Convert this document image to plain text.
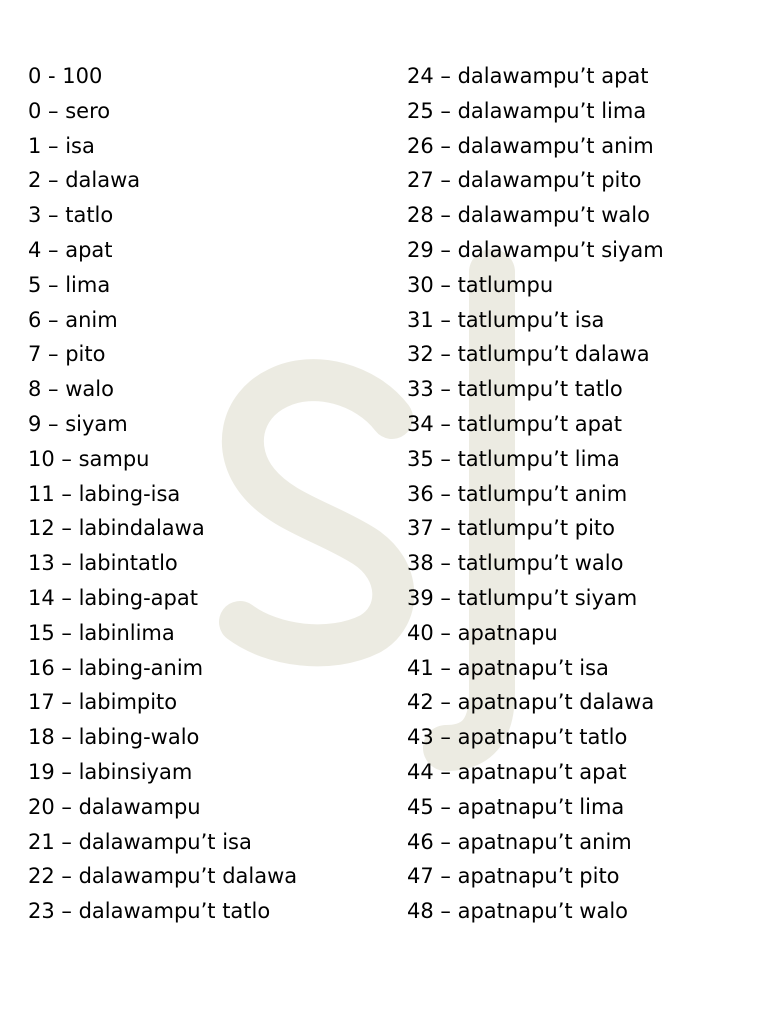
0 - 100
0 – sero
1 – isa
2 – dalawa
3 – tatlo
4 – apat
5 – lima
6 – anim
7 – pito
8 – walo
9 – siyam
10 – sampu
11 – labing-isa
12 – labindalawa
13 – labintatlo
14 – labing-apat
15 – labinlima
16 – labing-anim
17 – labimpito
18 – labing-walo
19 – labinsiyam
20 – dalawampu
21 – dalawampu’t isa
22 – dalawampu’t dalawa
23 – dalawampu’t tatlo
24 – dalawampu’t apat
25 – dalawampu’t lima
26 – dalawampu’t anim
27 – dalawampu’t pito
28 – dalawampu’t walo
29 – dalawampu’t siyam
30 – tatlumpu
31 – tatlumpu’t isa
32 – tatlumpu’t dalawa
33 – tatlumpu’t tatlo
34 – tatlumpu’t apat
35 – tatlumpu’t lima
36 – tatlumpu’t anim
37 – tatlumpu’t pito
38 – tatlumpu’t walo
39 – tatlumpu’t siyam
40 – apatnapu
41 – apatnapu’t isa
42 – apatnapu’t dalawa
43 – apatnapu’t tatlo
44 – apatnapu’t apat
45 – apatnapu’t lima
46 – apatnapu’t anim
47 – apatnapu’t pito
48 – apatnapu’t walo
